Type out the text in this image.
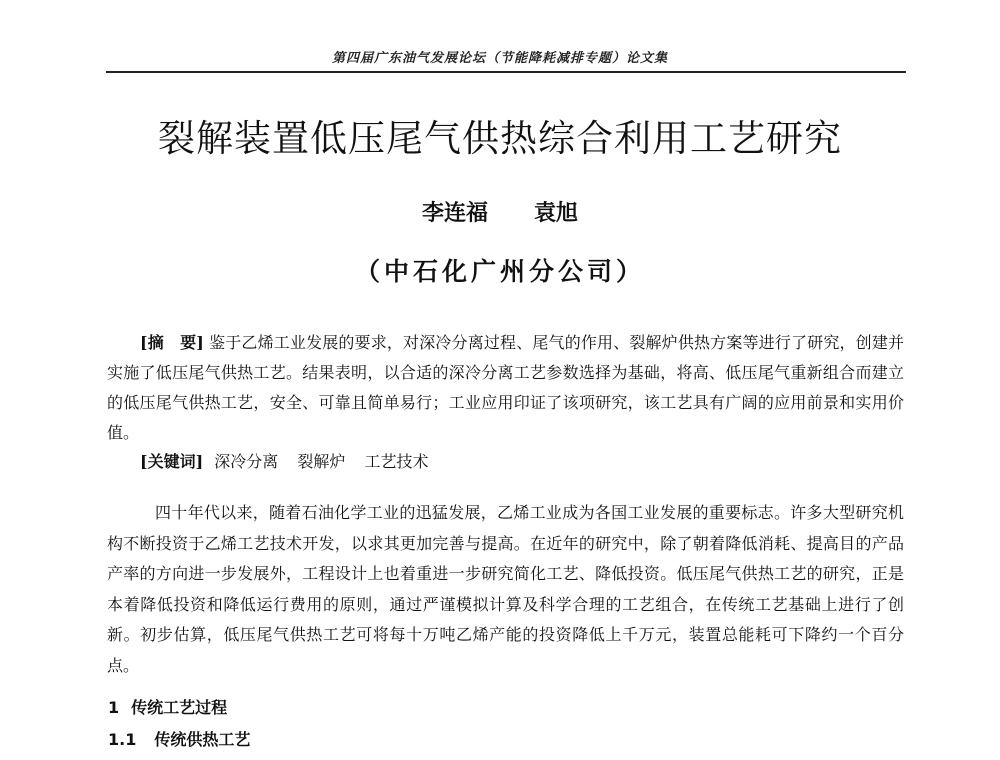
第四届广东油气发展论坛（节能降耗减排专题）论文集
裂解装置低压尾气供热综合利用工艺研究
李连福 袁旭
（中石化广州分公司）

[摘　要] 鉴于乙烯工业发展的要求，对深冷分离过程、尾气的作用、裂解炉供热方案等进行了研究，创建并实施了低压尾气供热工艺。结果表明，以合适的深冷分离工艺参数选择为基础，将高、低压尾气重新组合而建立的低压尾气供热工艺，安全、可靠且简单易行；工业应用印证了该项研究，该工艺具有广阔的应用前景和实用价值。

[关键词] 深冷分离 裂解炉 工艺技术

四十年代以来，随着石油化学工业的迅猛发展，乙烯工业成为各国工业发展的重要标志。许多大型研究机构不断投资于乙烯工艺技术开发，以求其更加完善与提高。在近年的研究中，除了朝着降低消耗、提高目的产品产率的方向进一步发展外，工程设计上也着重进一步研究简化工艺、降低投资。低压尾气供热工艺的研究，正是本着降低投资和降低运行费用的原则，通过严谨模拟计算及科学合理的工艺组合，在传统工艺基础上进行了创新。初步估算，低压尾气供热工艺可将每十万吨乙烯产能的投资降低上千万元，装置总能耗可下降约一个百分点。

1 传统工艺过程
1.1 传统供热工艺
